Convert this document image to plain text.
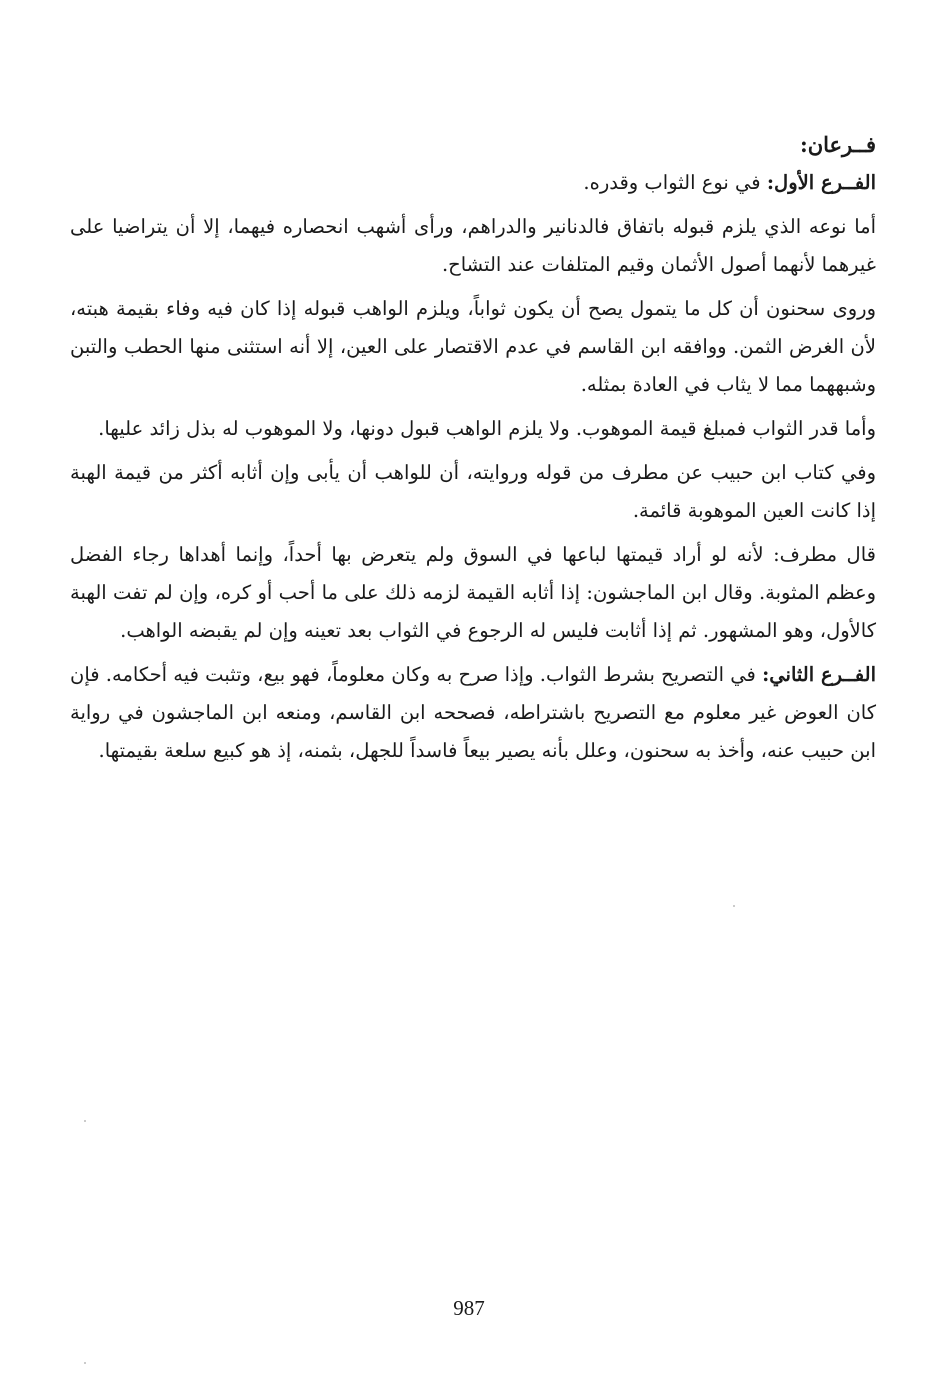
فــرعان:

الفــرع الأول: في نوع الثواب وقدره.

أما نوعه الذي يلزم قبوله باتفاق فالدنانير والدراهم، ورأى أشهب انحصاره فيهما، إلا أن يتراضيا على غيرهما لأنهما أصول الأثمان وقيم المتلفات عند التشاح.

وروى سحنون أن كل ما يتمول يصح أن يكون ثواباً، ويلزم الواهب قبوله إذا كان فيه وفاء بقيمة هبته، لأن الغرض الثمن. ووافقه ابن القاسم في عدم الاقتصار على العين، إلا أنه استثنى منها الحطب والتبن وشبههما مما لا يثاب في العادة بمثله.

وأما قدر الثواب فمبلغ قيمة الموهوب. ولا يلزم الواهب قبول دونها، ولا الموهوب له بذل زائد عليها.

وفي كتاب ابن حبيب عن مطرف من قوله وروايته، أن للواهب أن يأبى وإن أثابه أكثر من قيمة الهبة إذا كانت العين الموهوبة قائمة.

قال مطرف: لأنه لو أراد قيمتها لباعها في السوق ولم يتعرض بها أحداً، وإنما أهداها رجاء الفضل وعظم المثوبة. وقال ابن الماجشون: إذا أثابه القيمة لزمه ذلك على ما أحب أو كره، وإن لم تفت الهبة كالأول، وهو المشهور. ثم إذا أثابت فليس له الرجوع في الثواب بعد تعينه وإن لم يقبضه الواهب.

الفــرع الثاني: في التصريح بشرط الثواب. وإذا صرح به وكان معلوماً، فهو بيع، وتثبت فيه أحكامه. فإن كان العوض غير معلوم مع التصريح باشتراطه، فصححه ابن القاسم، ومنعه ابن الماجشون في رواية ابن حبيب عنه، وأخذ به سحنون، وعلل بأنه يصير بيعاً فاسداً للجهل، بثمنه، إذ هو كبيع سلعة بقيمتها.

987
